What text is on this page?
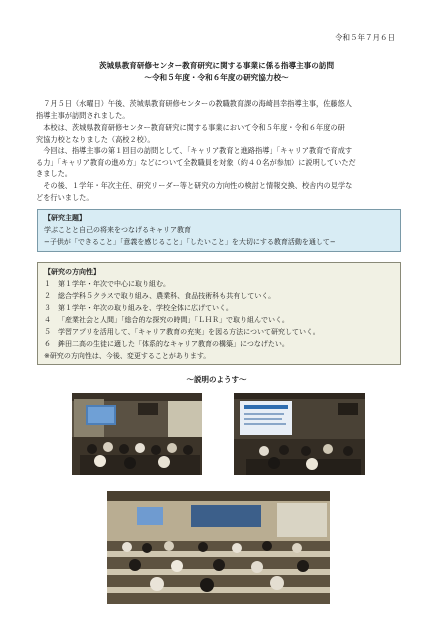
令和５年７月６日
茨城県教育研修センター教育研究に関する事業に係る指導主事の訪問
〜令和５年度・令和６年度の研究協力校〜
　７月５日（水曜日）午後、茨城県教育研修センターの教職教育課の海崎昌幸指導主事，佐藤悠人
指導主事が訪問されました。
　本校は、茨城県教育研修センター教育研究に関する事業において令和５年度・令和６年度の研
究協力校となりました（高校２校）。
　今回は、指導主事の第１回目の訪問として、「キャリア教育と進路指導」「キャリア教育で育成す
る力」「キャリア教育の進め方」などについて全教職員を対象（約４０名が参加）に説明していただ
きました。
　その後、１学年・年次主任、研究リーダー等と研究の方向性の検討と情報交換、校舎内の見学な
どを行いました。
【研究主題】
学ぶことと自己の将来をつなげるキャリア教育
−子供が「できること」「意義を感じること」「したいこと」を大切にする教育活動を通して−
【研究の方向性】
１ 第１学年・年次で中心に取り組む。
２ 総合学科５クラスで取り組み、農業科、食品技術科も共有していく。
３ 第１学年・年次の取り組みを、学校全体に広げていく。
４ 「産業社会と人間」「総合的な探究の時間」「ＬＨＲ」で取り組んでいく。
５ 学習アプリを活用して、「キャリア教育の充実」を図る方法について研究していく。
６ 鉾田二高の生徒に適した「体系的なキャリア教育の構築」につなげたい。
※研究の方向性は、今後、変更することがあります。
〜説明のようす〜
